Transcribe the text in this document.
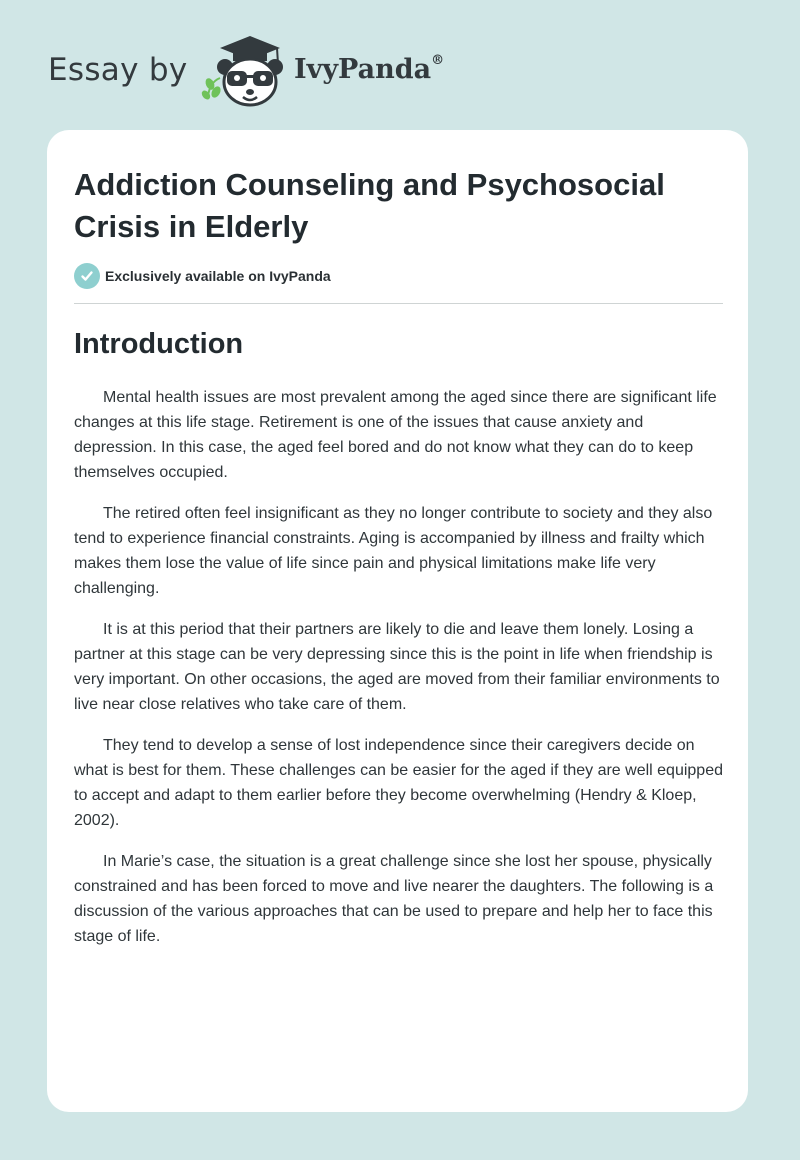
Essay by	IvyPanda®
Addiction Counseling and Psychosocial Crisis in Elderly
Exclusively available on IvyPanda
Introduction

Mental health issues are most prevalent among the aged since there are significant life changes at this life stage. Retirement is one of the issues that cause anxiety and depression. In this case, the aged feel bored and do not know what they can do to keep themselves occupied.

The retired often feel insignificant as they no longer contribute to society and they also tend to experience financial constraints. Aging is accompanied by illness and frailty which makes them lose the value of life since pain and physical limitations make life very challenging.

It is at this period that their partners are likely to die and leave them lonely. Losing a partner at this stage can be very depressing since this is the point in life when friendship is very important. On other occasions, the aged are moved from their familiar environments to live near close relatives who take care of them.

They tend to develop a sense of lost independence since their caregivers decide on what is best for them. These challenges can be easier for the aged if they are well equipped to accept and adapt to them earlier before they become overwhelming (Hendry & Kloep, 2002).

In Marie’s case, the situation is a great challenge since she lost her spouse, physically constrained and has been forced to move and live nearer the daughters. The following is a discussion of the various approaches that can be used to prepare and help her to face this stage of life.
